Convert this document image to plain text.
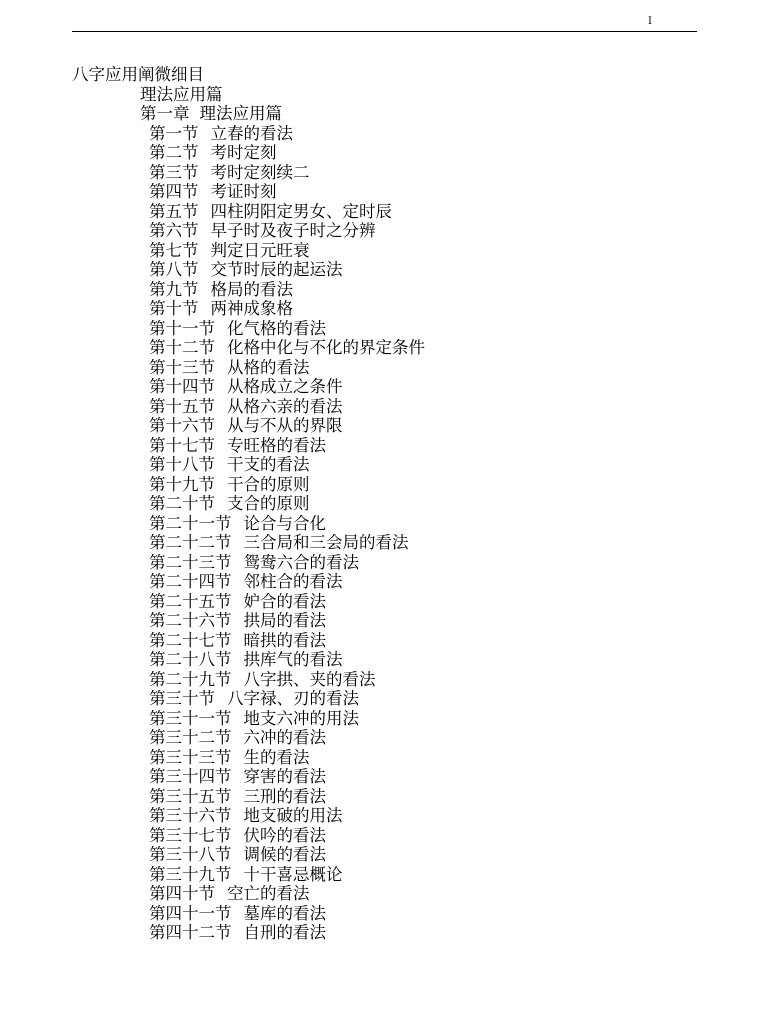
I

八字应用阐微细目

理法应用篇

第一章 理法应用篇

第一节 立春的看法
第二节 考时定刻
第三节 考时定刻续二
第四节 考证时刻
第五节 四柱阴阳定男女、定时辰
第六节 早子时及夜子时之分辨
第七节 判定日元旺衰
第八节 交节时辰的起运法
第九节 格局的看法
第十节 两神成象格
第十一节 化气格的看法
第十二节 化格中化与不化的界定条件
第十三节 从格的看法
第十四节 从格成立之条件
第十五节 从格六亲的看法
第十六节 从与不从的界限
第十七节 专旺格的看法
第十八节 干支的看法
第十九节 干合的原则
第二十节 支合的原则
第二十一节 论合与合化
第二十二节 三合局和三会局的看法
第二十三节 鸳鸯六合的看法
第二十四节 邻柱合的看法
第二十五节 妒合的看法
第二十六节 拱局的看法
第二十七节 暗拱的看法
第二十八节 拱库气的看法
第二十九节 八字拱、夹的看法
第三十节 八字禄、刃的看法
第三十一节 地支六冲的用法
第三十二节 六冲的看法
第三十三节 生的看法
第三十四节 穿害的看法
第三十五节 三刑的看法
第三十六节 地支破的用法
第三十七节 伏吟的看法
第三十八节 调候的看法
第三十九节 十干喜忌概论
第四十节 空亡的看法
第四十一节 墓库的看法
第四十二节 自刑的看法
